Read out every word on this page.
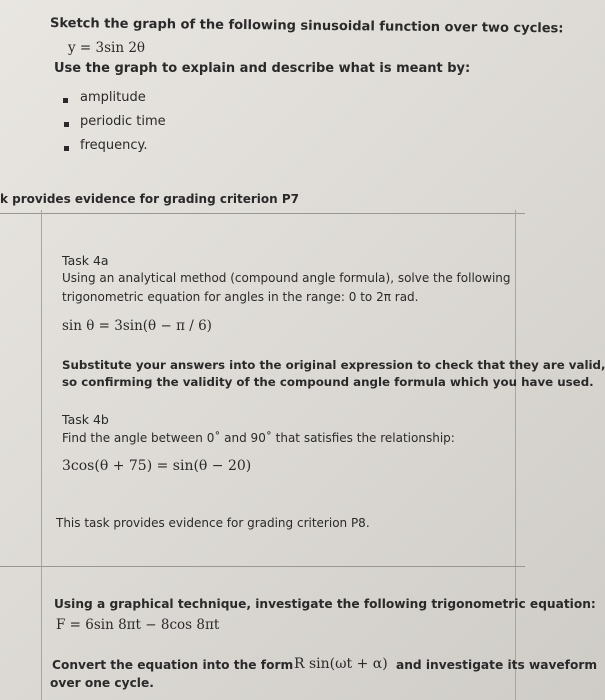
Sketch the graph of the following sinusoidal function over two cycles:
y = 3sin 2θ
Use the graph to explain and describe what is meant by:
amplitude
periodic time
frequency.
k provides evidence for grading criterion P7
Task 4a
Using an analytical method (compound angle formula), solve the following
trigonometric equation for angles in the range: 0 to 2π rad.
sin θ = 3sin(θ − π / 6)
Substitute your answers into the original expression to check that they are valid,
so confirming the validity of the compound angle formula which you have used.
Task 4b
Find the angle between 0˚ and 90˚ that satisfies the relationship:
3cos(θ + 75) = sin(θ − 20)
This task provides evidence for grading criterion P8.
Using a graphical technique, investigate the following trigonometric equation:
F = 6sin 8πt − 8cos 8πt
Convert the equation into the form R sin(ωt + α) and investigate its waveform
over one cycle.
